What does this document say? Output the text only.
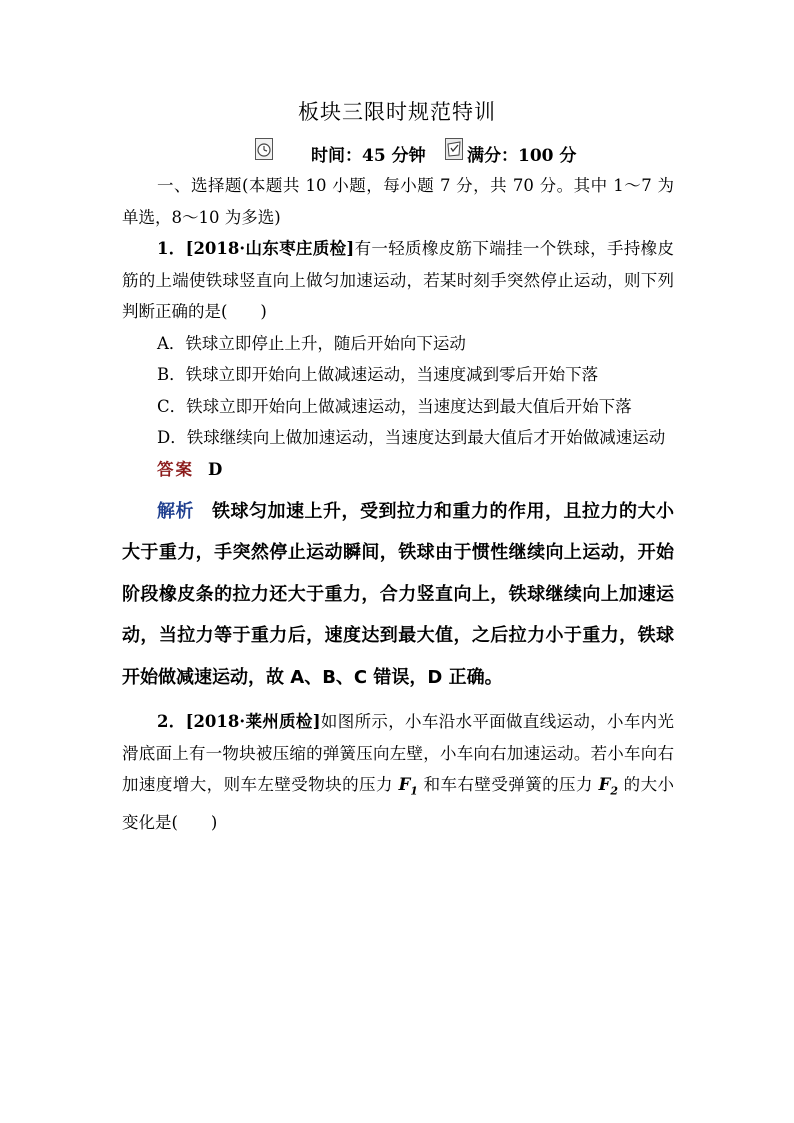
板块三限时规范特训
时间：45 分钟 满分：100 分

一、选择题(本题共 10 小题，每小题 7 分，共 70 分。其中 1～7 为单选，8～10 为多选)

1．[2018·山东枣庄质检]有一轻质橡皮筋下端挂一个铁球，手持橡皮筋的上端使铁球竖直向上做匀加速运动，若某时刻手突然停止运动，则下列判断正确的是(　　)

A．铁球立即停止上升，随后开始向下运动

B．铁球立即开始向上做减速运动，当速度减到零后开始下落

C．铁球立即开始向上做减速运动，当速度达到最大值后开始下落

D．铁球继续向上做加速运动，当速度达到最大值后才开始做减速运动

答案 D

解析 铁球匀加速上升，受到拉力和重力的作用，且拉力的大小大于重力，手突然停止运动瞬间，铁球由于惯性继续向上运动，开始阶段橡皮条的拉力还大于重力，合力竖直向上，铁球继续向上加速运动，当拉力等于重力后，速度达到最大值，之后拉力小于重力，铁球开始做减速运动，故 A、B、C 错误，D 正确。

2．[2018·莱州质检]如图所示，小车沿水平面做直线运动，小车内光滑底面上有一物块被压缩的弹簧压向左壁，小车向右加速运动。若小车向右加速度增大，则车左壁受物块的压力 $F_1$ 和车右壁受弹簧的压力 $F_2$ 的大小变化是(　　)
